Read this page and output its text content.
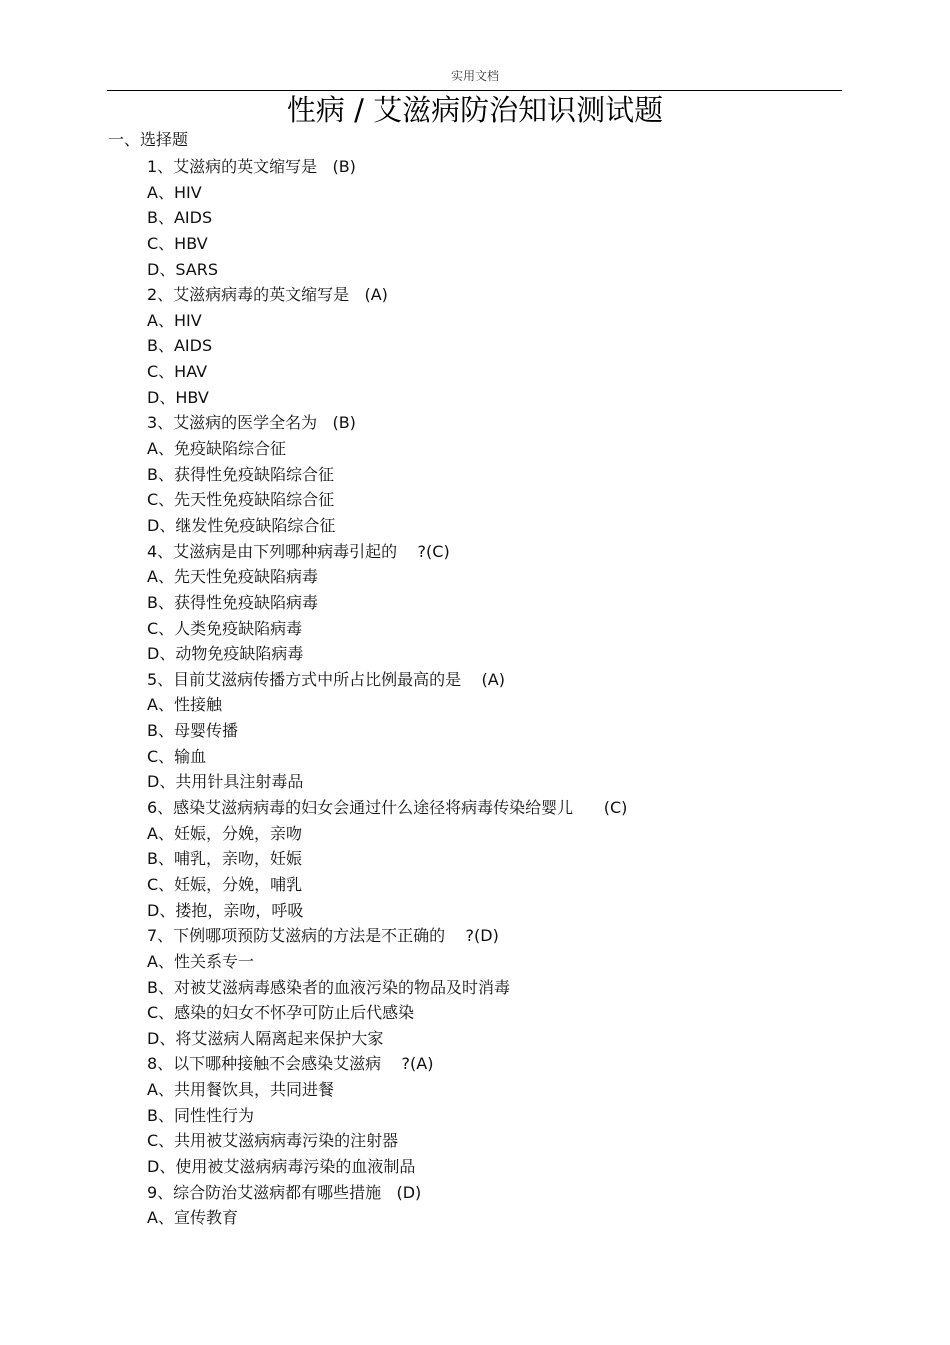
实用文档
性病 / 艾滋病防治知识测试题
一、选择题
1、艾滋病的英文缩写是 (B)
A、HIV
B、AIDS
C、HBV
D、SARS
2、艾滋病病毒的英文缩写是 (A)
A、HIV
B、AIDS
C、HAV
D、HBV
3、艾滋病的医学全名为 (B)
A、免疫缺陷综合征
B、获得性免疫缺陷综合征
C、先天性免疫缺陷综合征
D、继发性免疫缺陷综合征
4、艾滋病是由下列哪种病毒引起的 ?(C)
A、先天性免疫缺陷病毒
B、获得性免疫缺陷病毒
C、人类免疫缺陷病毒
D、动物免疫缺陷病毒
5、目前艾滋病传播方式中所占比例最高的是 (A)
A、性接触
B、母婴传播
C、输血
D、共用针具注射毒品
6、感染艾滋病病毒的妇女会通过什么途径将病毒传染给婴儿 (C)
A、妊娠，分娩，亲吻
B、哺乳，亲吻，妊娠
C、妊娠，分娩，哺乳
D、搂抱，亲吻，呼吸
7、下例哪项预防艾滋病的方法是不正确的 ?(D)
A、性关系专一
B、对被艾滋病毒感染者的血液污染的物品及时消毒
C、感染的妇女不怀孕可防止后代感染
D、将艾滋病人隔离起来保护大家
8、以下哪种接触不会感染艾滋病 ?(A)
A、共用餐饮具，共同进餐
B、同性性行为
C、共用被艾滋病病毒污染的注射器
D、使用被艾滋病病毒污染的血液制品
9、综合防治艾滋病都有哪些措施 (D)
A、宣传教育
